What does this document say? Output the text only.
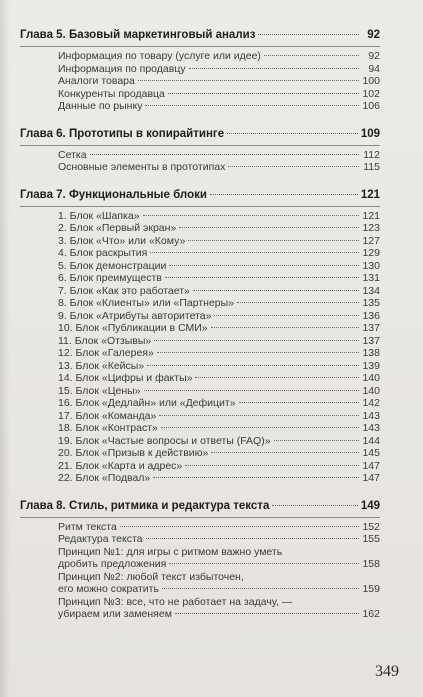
Глава 5. Базовый маркетинговый анализ	92
Информация по товару (услуге или идее)	92
Информация по продавцу	94
Аналоги товара	100
Конкуренты продавца	102
Данные по рынку	106
Глава 6. Прототипы в копирайтинге	109
Сетка	112
Основные элементы в прототипах	115
Глава 7. Функциональные блоки	121
1. Блок «Шапка»	121
2. Блок «Первый экран»	123
3. Блок «Что» или «Кому»	127
4. Блок раскрытия	129
5. Блок демонстрации	130
6. Блок преимуществ	131
7. Блок «Как это работает»	134
8. Блок «Клиенты» или «Партнеры»	135
9. Блок «Атрибуты авторитета»	136
10. Блок «Публикации в СМИ»	137
11. Блок «Отзывы»	137
12. Блок «Галерея»	138
13. Блок «Кейсы»	139
14. Блок «Цифры и факты»	140
15. Блок «Цены»	140
16. Блок «Дедлайн» или «Дефицит»	142
17. Блок «Команда»	143
18. Блок «Контраст»	143
19. Блок «Частые вопросы и ответы (FAQ)»	144
20. Блок «Призыв к действию»	145
21. Блок «Карта и адрес»	147
22. Блок «Подвал»	147
Глава 8. Стиль, ритмика и редактура текста	149
Ритм текста	152
Редактура текста	155
Принцип №1: для игры с ритмом важно уметь
дробить предложения	158
Принцип №2: любой текст избыточен,
его можно сократить	159
Принцип №3: все, что не работает на задачу, —
убираем или заменяем	162
349
